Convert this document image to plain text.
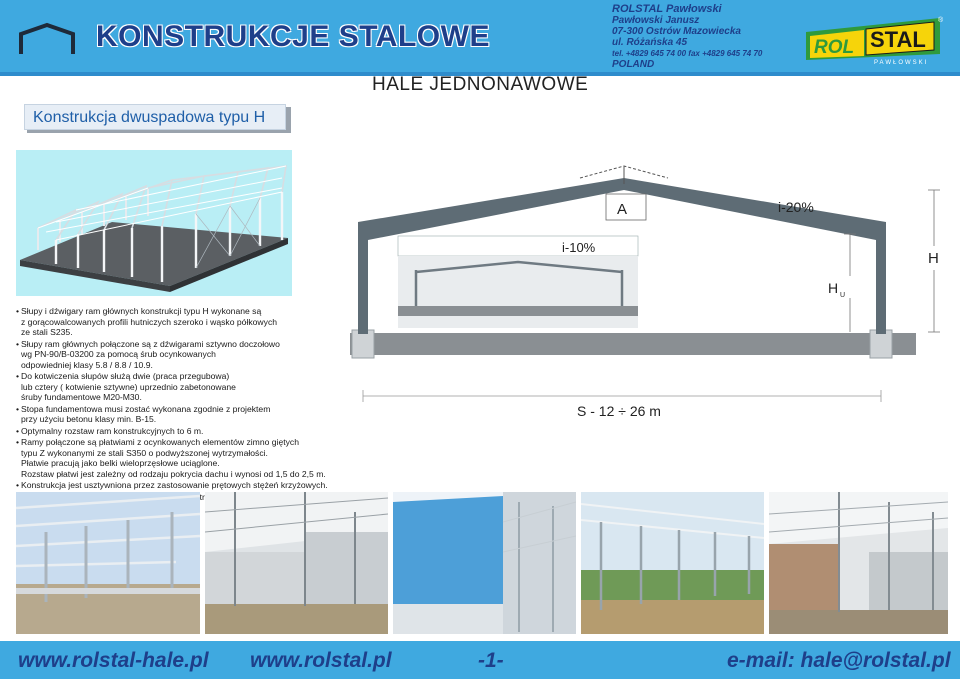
KONSTRUKCJE STALOWE
ROLSTAL Pawłowski
Pawłowski Janusz
07-300 Ostrów Mazowiecka
ul. Różańska 45
tel. +4829 645 74 00 fax +4829 645 74 70
POLAND
ROL STAL
PAWŁOWSKI
®
HALE JEDNONAWOWE
Konstrukcja dwuspadowa typu H
• Słupy i dźwigary ram głównych konstrukcji typu H wykonane są
z gorącowalcowanych profili hutniczych szeroko i wąsko półkowych
ze stali S235.
• Słupy ram głównych połączone są z dźwigarami sztywno doczołowo
wg PN-90/B-03200 za pomocą śrub ocynkowanych
odpowiedniej klasy 5.8 / 8.8 / 10.9.
• Do kotwiczenia słupów służą dwie (praca przegubowa)
lub cztery ( kotwienie sztywne) uprzednio zabetonowane
śruby fundamentowe M20-M30.
• Stopa fundamentowa musi zostać wykonana zgodnie z projektem
przy użyciu betonu klasy min. B-15.
• Optymalny rozstaw ram konstrukcyjnych to 6 m.
• Ramy połączone są płatwiami z ocynkowanych elementów zimno giętych
typu Z wykonanymi ze stali S350 o podwyższonej wytrzymałości.
Płatwie pracują jako belki wieloprzęsłowe uciąglone.
Rozstaw płatwi jest zależny od rodzaju pokrycia dachu i wynosi od 1,5 do 2,5 m.
• Konstrukcja jest usztywniona przez zastosowanie prętowych stężeń krzyżowych.
• konstrukcji.
A	i-20%
i-10%
H
H U
S - 12 ÷ 26 m
www.rolstal-hale.pl www.rolstal.pl	-1-	e-mail: hale@rolstal.pl
